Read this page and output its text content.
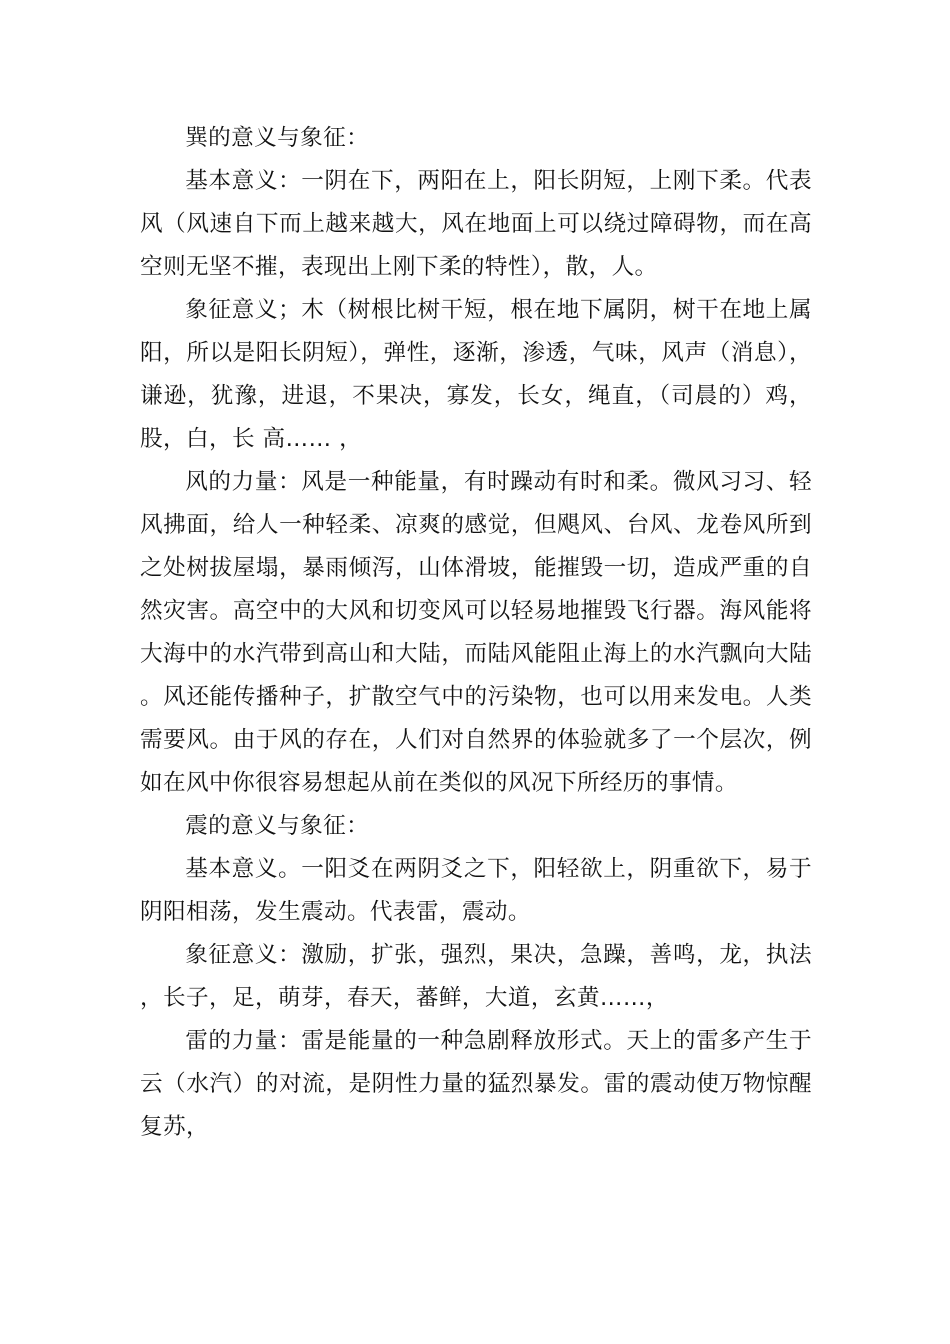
巽的意义与象征：

基本意义：一阴在下，两阳在上，阳长阴短，上刚下柔。代表风（风速自下而上越来越大，风在地面上可以绕过障碍物，而在高空则无坚不摧，表现出上刚下柔的特性），散，人。

象征意义；木（树根比树干短，根在地下属阴，树干在地上属阳，所以是阳长阴短），弹性，逐渐，渗透，气味，风声（消息），谦逊，犹豫，进退，不果决，寡发，长女，绳直，（司晨的）鸡，股，白，长 高…… ，

风的力量：风是一种能量，有时躁动有时和柔。微风习习、轻风拂面，给人一种轻柔、凉爽的感觉，但飓风、台风、龙卷风所到之处树拔屋塌，暴雨倾泻，山体滑坡，能摧毁一切，造成严重的自然灾害。高空中的大风和切变风可以轻易地摧毁飞行器。海风能将大海中的水汽带到高山和大陆，而陆风能阻止海上的水汽飘向大陆。风还能传播种子，扩散空气中的污染物，也可以用来发电。人类需要风。由于风的存在，人们对自然界的体验就多了一个层次，例如在风中你很容易想起从前在类似的风况下所经历的事情。

震的意义与象征：

基本意义。一阳爻在两阴爻之下，阳轻欲上，阴重欲下，易于阴阳相荡，发生震动。代表雷，震动。

象征意义：激励，扩张，强烈，果决，急躁，善鸣，龙，执法，长子，足，萌芽，春天，蕃鲜，大道，玄黄……，

雷的力量：雷是能量的一种急剧释放形式。天上的雷多产生于云（水汽）的对流，是阴性力量的猛烈暴发。雷的震动使万物惊醒复苏，
